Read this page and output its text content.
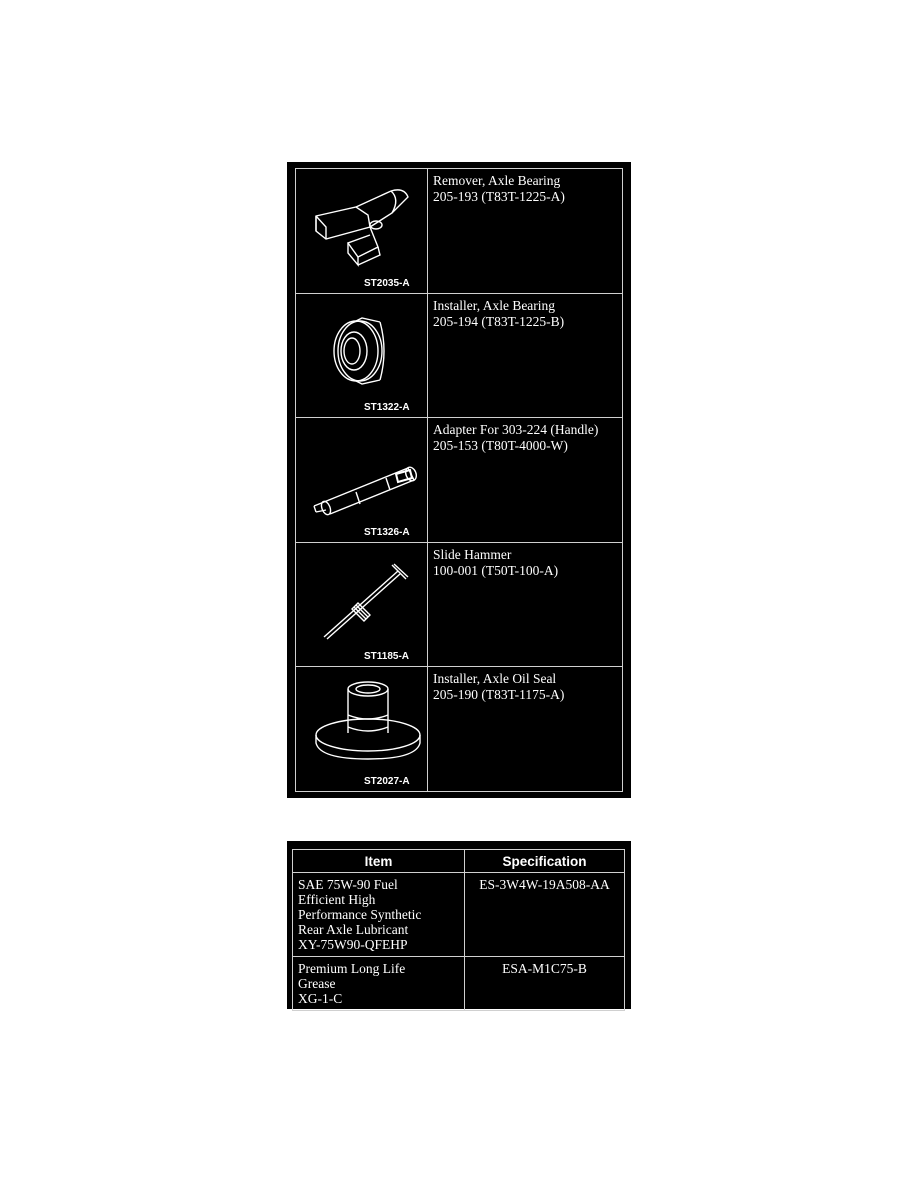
ST2035-A	Remover, Axle Bearing
205-193 (T83T-1225-A)

ST1322-A	Installer, Axle Bearing
205-194 (T83T-1225-B)

ST1326-A	Adapter For 303-224 (Handle)
205-153 (T80T-4000-W)

ST1185-A	Slide Hammer
100-001 (T50T-100-A)

ST2027-A	Installer, Axle Oil Seal
205-190 (T83T-1175-A)
Item	Specification

SAE 75W-90 Fuel
Efficient High
Performance Synthetic
Rear Axle Lubricant
XY-75W90-QFEHP	ES-3W4W-19A508-AA

Premium Long Life
Grease
XG-1-C	ESA-M1C75-B
